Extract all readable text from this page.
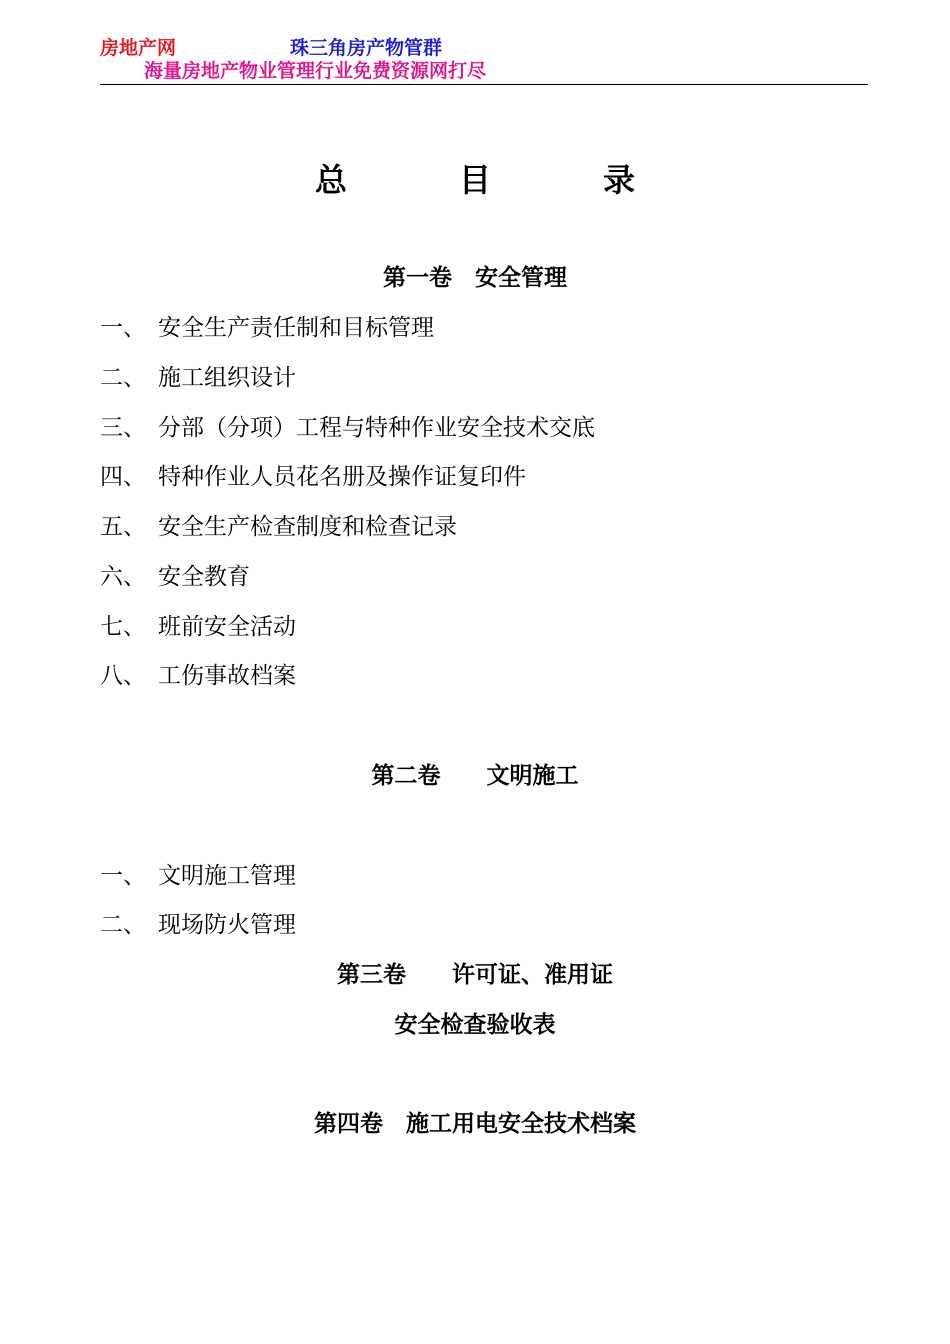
房地产网	珠三角房产物管群
海量房地产物业管理行业免费资源网打尽
总	目	录
第一卷　安全管理
一、 安全生产责任制和目标管理
二、 施工组织设计
三、 分部（分项）工程与特种作业安全技术交底
四、 特种作业人员花名册及操作证复印件
五、 安全生产检查制度和检查记录
六、 安全教育
七、 班前安全活动
八、 工伤事故档案
第二卷　　文明施工
一、 文明施工管理
二、 现场防火管理
第三卷　　许可证、准用证
安全检查验收表
第四卷　施工用电安全技术档案
